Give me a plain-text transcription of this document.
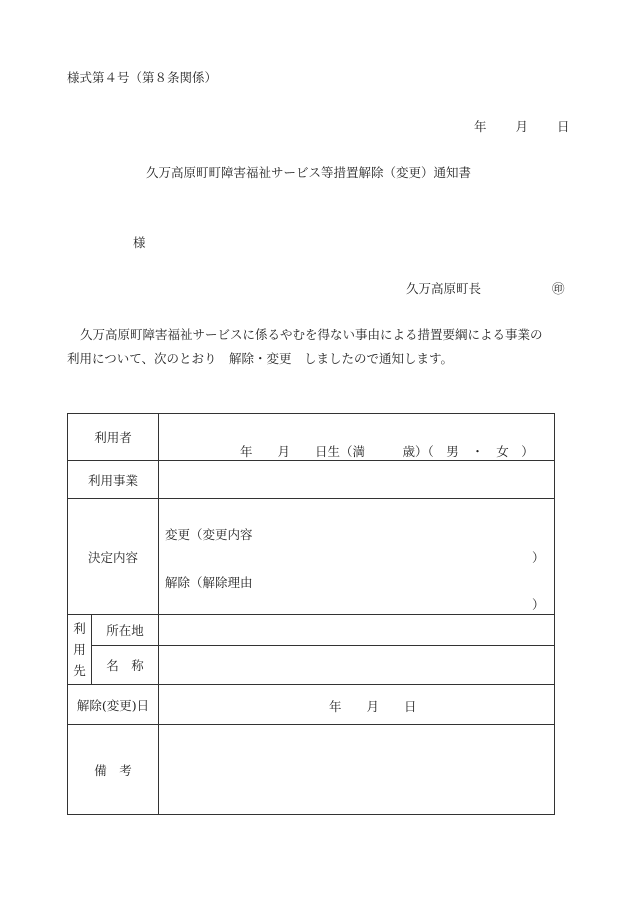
様式第４号（第８条関係）
年 月 日
久万高原町町障害福祉サービス等措置解除（変更）通知書
様
久万高原町長	㊞
久万高原町障害福祉サービスに係るやむを得ない事由による措置要綱による事業の
利用について、次のとおり　解除・変更　しましたので通知します。
利用者		年　　月　　日生（満　　　歳）（　男　・　女　）

利用事業		
決定内容		変更（変更内容
）
解除（解除理由
）

利
用
先	所在地	
	名　称	
解除(変更)日		年　　月　　日

備　考		
